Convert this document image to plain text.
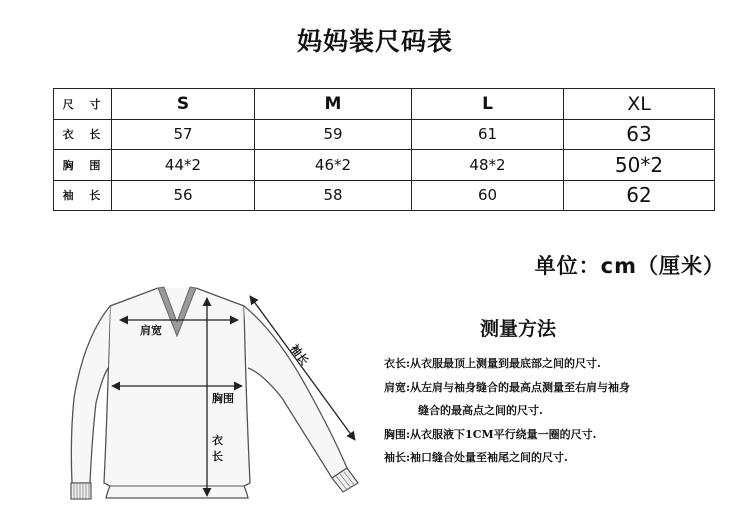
妈妈装尺码表
尺 寸	S	M	L	XL
衣 长	57	59	61	63
胸 围	44*2	46*2	48*2	50*2
袖 长	56	58	60	62
单位：cm（厘米）
肩宽
胸围
衣
长
袖长
测量方法
衣长:从衣服最顶上测量到最底部之间的尺寸.
肩宽:从左肩与袖身缝合的最高点测量至右肩与袖身
缝合的最高点之间的尺寸.
胸围:从衣服液下1CM平行绕量一圈的尺寸.
袖长:袖口缝合处量至袖尾之间的尺寸.
